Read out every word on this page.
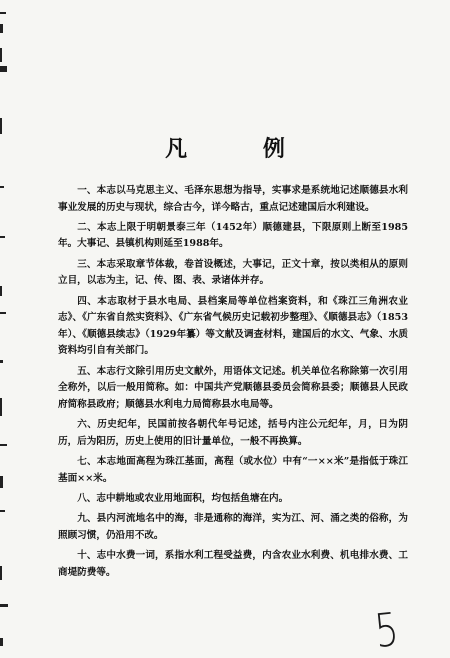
凡 例

一、本志以马克思主义、毛泽东思想为指导，实事求是系统地记述顺德县水利事业发展的历史与现状，综合古今，详今略古，重点记述建国后水利建设。

二、本志上限于明朝景泰三年（1452年）顺德建县，下限原则上断至1985年。大事记、县镇机构则延至1988年。

三、本志采取章节体裁，卷首设概述，大事记，正文十章，按以类相从的原则立目，以志为主，记、传、图、表、录诸体并存。

四、本志取材于县水电局、县档案局等单位档案资料，和《珠江三角洲农业志》、《广东省自然实资料》、《广东省气候历史记载初步整理》、《顺德县志》（1853年）、《顺德县续志》（1929年纂）等文献及调查材料，建国后的水文、气象、水质资料均引自有关部门。

五、本志行文除引用历史文献外，用语体文记述。机关单位名称除第一次引用全称外，以后一般用简称。如：中国共产党顺德县委员会简称县委；顺德县人民政府简称县政府；顺德县水利电力局简称县水电局等。

六、历史纪年，民国前按各朝代年号记述，括号内注公元纪年，月，日为阴历，后为阳历，历史上使用的旧计量单位，一般不再换算。

七、本志地面高程为珠江基面，高程（或水位）中有“一××米”是指低于珠江基面××米。

八、志中耕地或农业用地面积，均包括鱼塘在内。

九、县内河流地名中的海，非是通称的海洋，实为江、河、涌之类的俗称，为照顾习惯，仍沿用不改。

十、志中水费一词，系指水利工程受益费，内含农业水利费、机电排水费、工商堤防费等。

5
